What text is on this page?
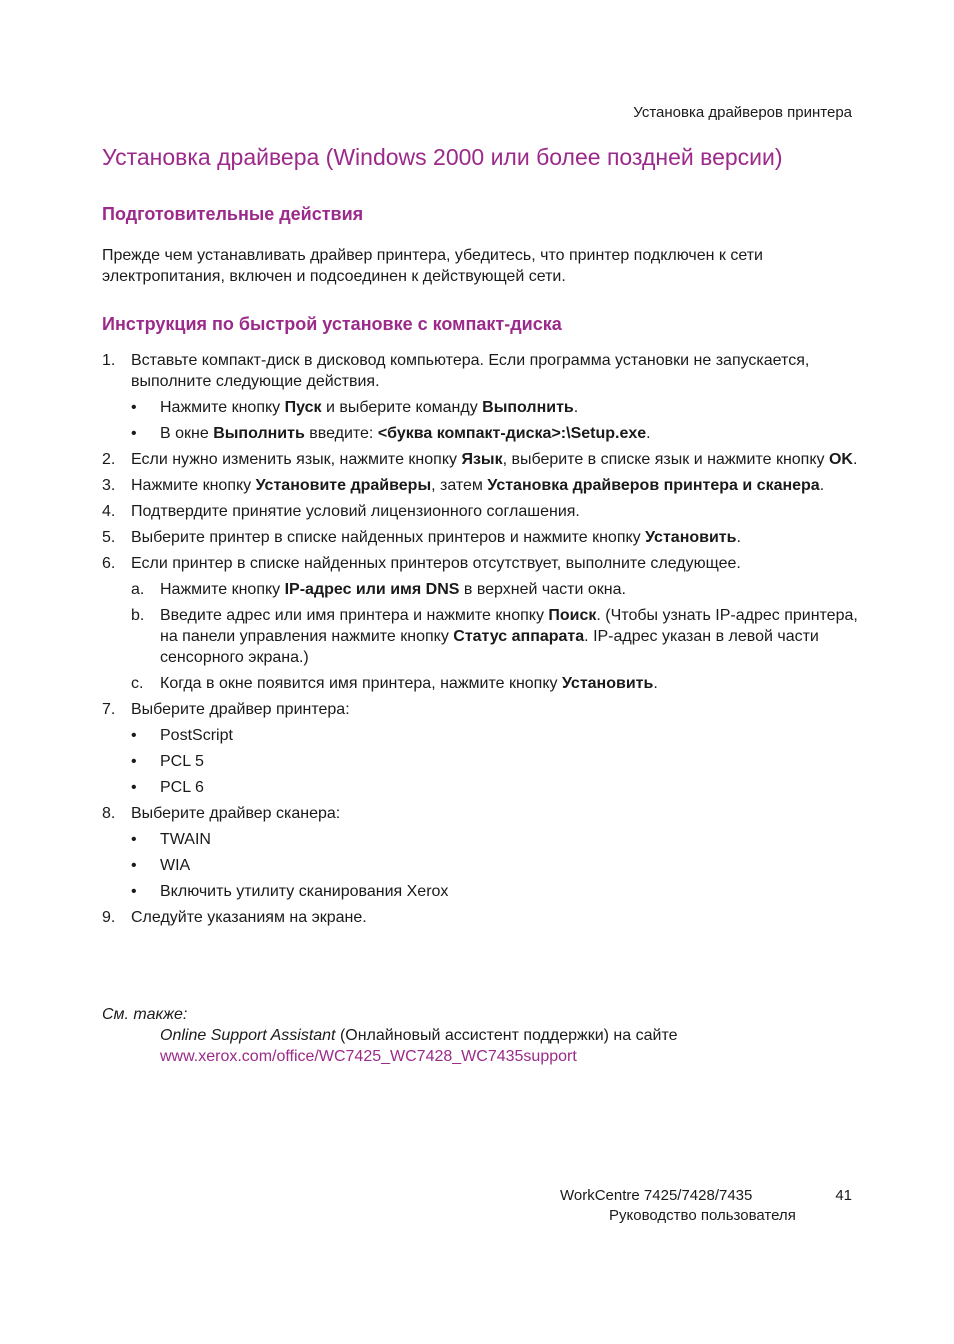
Установка драйверов принтера
Установка драйвера (Windows 2000 или более поздней версии)
Подготовительные действия

Прежде чем устанавливать драйвер принтера, убедитесь, что принтер подключен к сети электропитания, включен и подсоединен к действующей сети.

Инструкция по быстрой установке с компакт-диска
1. Вставьте компакт-диск в дисковод компьютера. Если программа установки не запускается, выполните следующие действия.
• Нажмите кнопку Пуск и выберите команду Выполнить.
• В окне Выполнить введите: <буква компакт-диска>:\Setup.exe.
2. Если нужно изменить язык, нажмите кнопку Язык, выберите в списке язык и нажмите кнопку OK.
3. Нажмите кнопку Установите драйверы, затем Установка драйверов принтера и сканера.
4. Подтвердите принятие условий лицензионного соглашения.
5. Выберите принтер в списке найденных принтеров и нажмите кнопку Установить.
6. Если принтер в списке найденных принтеров отсутствует, выполните следующее.
a. Нажмите кнопку IP-адрес или имя DNS в верхней части окна.
b. Введите адрес или имя принтера и нажмите кнопку Поиск. (Чтобы узнать IP-адрес принтера, на панели управления нажмите кнопку Статус аппарата. IP-адрес указан в левой части сенсорного экрана.)
c. Когда в окне появится имя принтера, нажмите кнопку Установить.
7. Выберите драйвер принтера:
• PostScript
• PCL 5
• PCL 6
8. Выберите драйвер сканера:
• TWAIN
• WIA
• Включить утилиту сканирования Xerox
9. Следуйте указаниям на экране.
См. также:
Online Support Assistant (Онлайновый ассистент поддержки) на сайте
www.xerox.com/office/WC7425_WC7428_WC7435support
WorkCentre 7425/7428/7435	41
Руководство пользователя
